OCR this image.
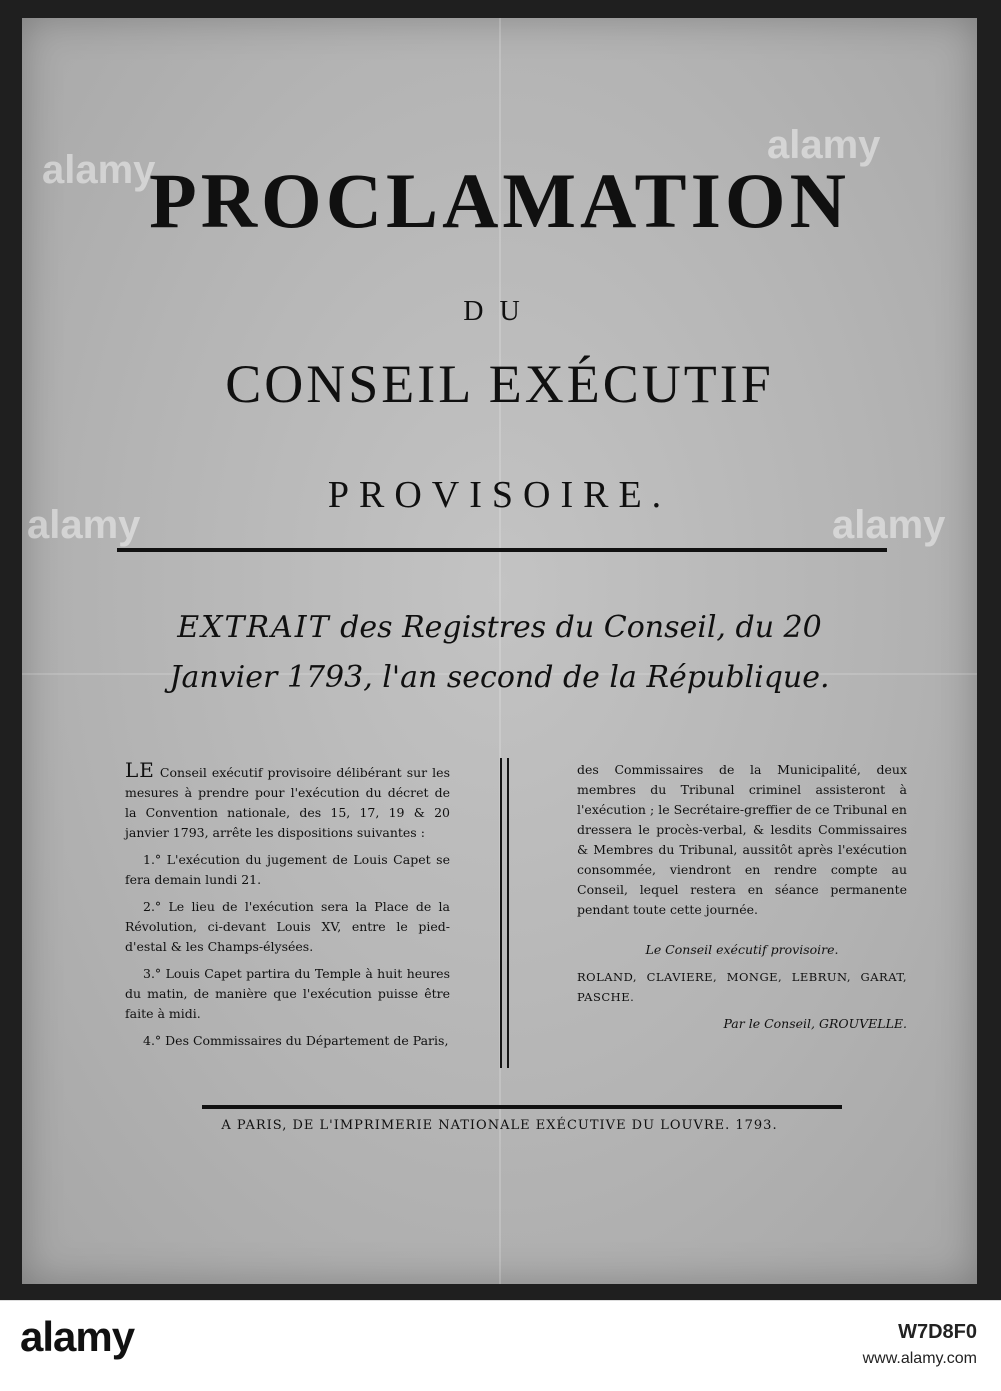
alamy
alamy
alamy	alamy
PROCLAMATION
DU
CONSEIL EXÉCUTIF
PROVISOIRE.
EXTRAIT des Registres du Conseil, du 20
Janvier 1793, l'an second de la République.

LE Conseil exécutif provisoire délibérant sur les mesures à prendre pour l'exécution du décret de la Convention nationale, des 15, 17, 19 & 20 janvier 1793, arrête les dispositions suivantes :

1.° L'exécution du jugement de Louis Capet se fera demain lundi 21.

2.° Le lieu de l'exécution sera la Place de la Révolution, ci-devant Louis XV, entre le pied-d'estal & les Champs-élysées.

3.° Louis Capet partira du Temple à huit heures du matin, de manière que l'exécution puisse être faite à midi.

4.° Des Commissaires du Département de Paris,

des Commissaires de la Municipalité, deux membres du Tribunal criminel assisteront à l'exécution ; le Secrétaire-greffier de ce Tribunal en dressera le procès-verbal, & lesdits Commissaires & Membres du Tribunal, aussitôt après l'exécution consommée, viendront en rendre compte au Conseil, lequel restera en séance permanente pendant toute cette journée.

Le Conseil exécutif provisoire.

ROLAND, CLAVIERE, MONGE, LEBRUN, GARAT, PASCHE.

Par le Conseil, GROUVELLE.

A PARIS, DE L'IMPRIMERIE NATIONALE EXÉCUTIVE DU LOUVRE. 1793.
alamy	W7D8F0
www.alamy.com
